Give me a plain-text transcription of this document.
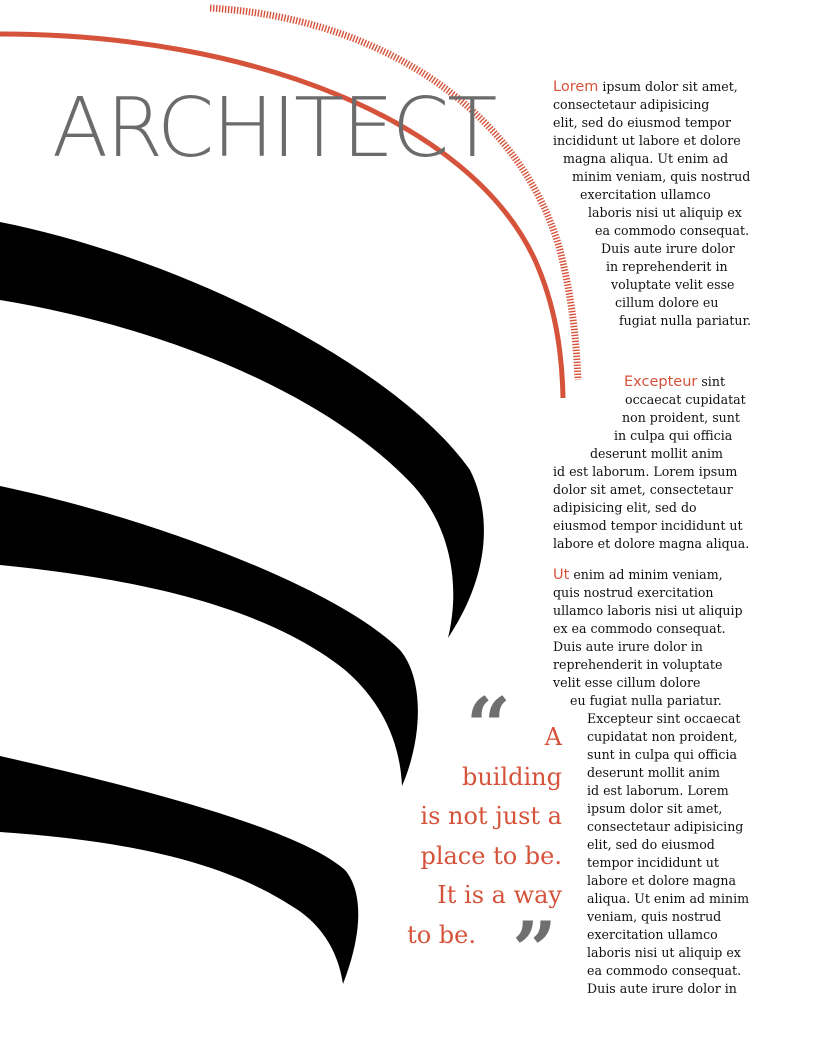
ARCHITECT	Lorem ipsum dolor sit amet,
consectetaur adipisicing
elit, sed do eiusmod tempor
incididunt ut labore et dolore
magna aliqua. Ut enim ad
minim veniam, quis nostrud
exercitation ullamco
laboris nisi ut aliquip ex
ea commodo consequat.
Duis aute irure dolor
in reprehenderit in
voluptate velit esse
cillum dolore eu
fugiat nulla pariatur.
Excepteur sint
occaecat cupidatat
non proident, sunt
in culpa qui officia
deserunt mollit anim
id est laborum. Lorem ipsum
dolor sit amet, consectetaur
adipisicing elit, sed do
eiusmod tempor incididunt ut
labore et dolore magna aliqua.
Ut enim ad minim veniam,
quis nostrud exercitation
ullamco laboris nisi ut aliquip
ex ea commodo consequat.
Duis aute irure dolor in
reprehenderit in voluptate
velit esse cillum dolore
eu fugiat nulla pariatur.
Excepteur sint occaecat
cupidatat non proident,
sunt in culpa qui officia
deserunt mollit anim
id est laborum. Lorem
ipsum dolor sit amet,
consectetaur adipisicing
elit, sed do eiusmod
tempor incididunt ut
labore et dolore magna
aliqua. Ut enim ad minim
veniam, quis nostrud
exercitation ullamco
laboris nisi ut aliquip ex
ea commodo consequat.
Duis aute irure dolor in
“
”
A
building
is not just a
place to be.
It is a way
to be.
